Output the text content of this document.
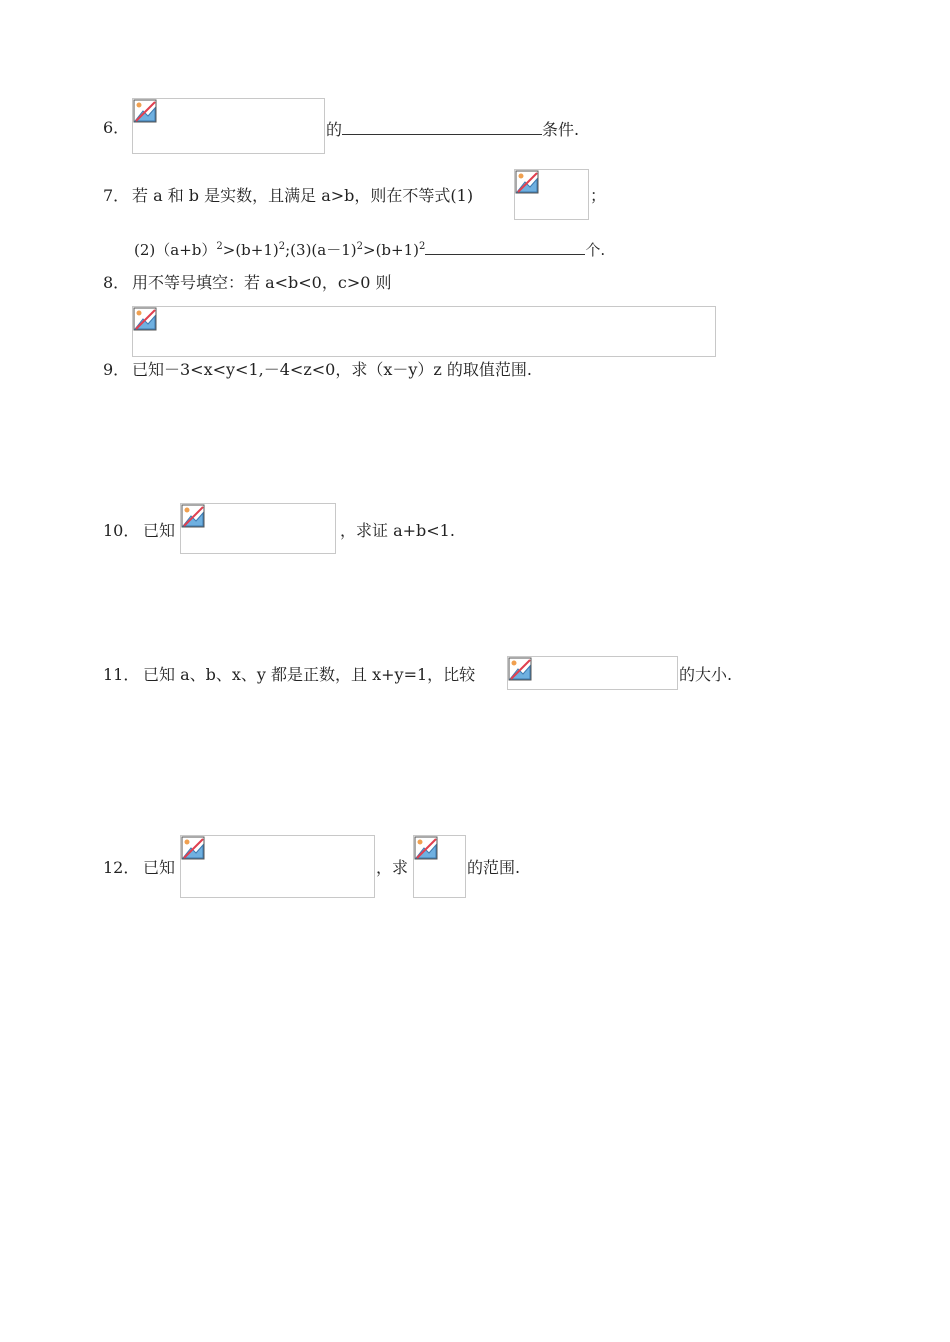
6．	的	条件.
7． 若 a 和 b 是实数，且满足 a>b，则在不等式(1)	；
$(2)(a+b)^2>(b+1)^2;(3)(a-1)^2>(b+1)^2$	个.
8． 用不等号填空：若 a<b<0，c>0 则
9． 已知－3<x<y<1,－4<z<0，求（x－y）z 的取值范围.
10． 已知	，求证 a+b<1.
11． 已知 a、b、x、y 都是正数，且 x+y=1，比较	的大小.
12． 已知	，求	的范围.
